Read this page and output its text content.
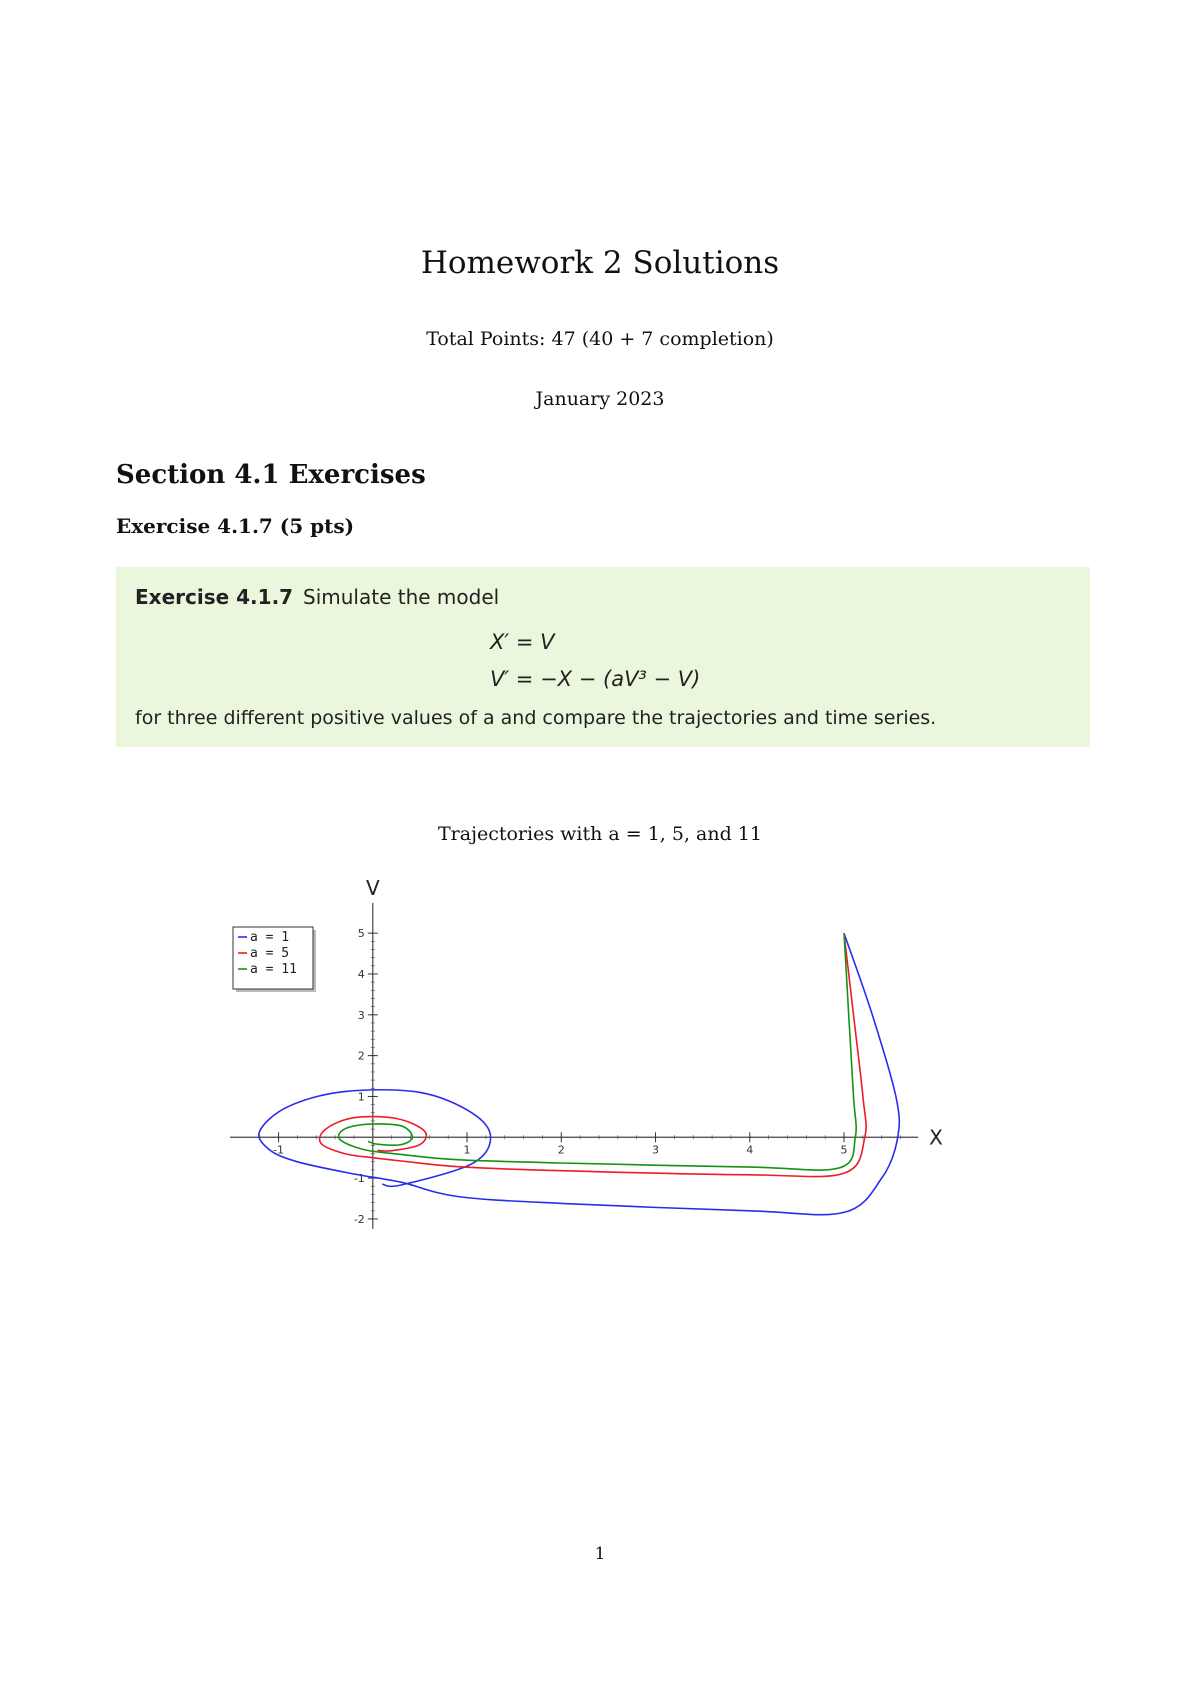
Homework 2 Solutions
Total Points: 47 (40 + 7 completion)
January 2023
Section 4.1 Exercises
Exercise 4.1.7 (5 pts)
Exercise 4.1.7 Simulate the model
X′ = V
V′ = −X − (aV³ − V)
for three different positive values of a and compare the trajectories and time series.
Trajectories with a = 1, 5, and 11
-1	1	2	3	4	5
-2
-1
1
2
3
4
5
X
V
a = 1
a = 5
a = 11
1
